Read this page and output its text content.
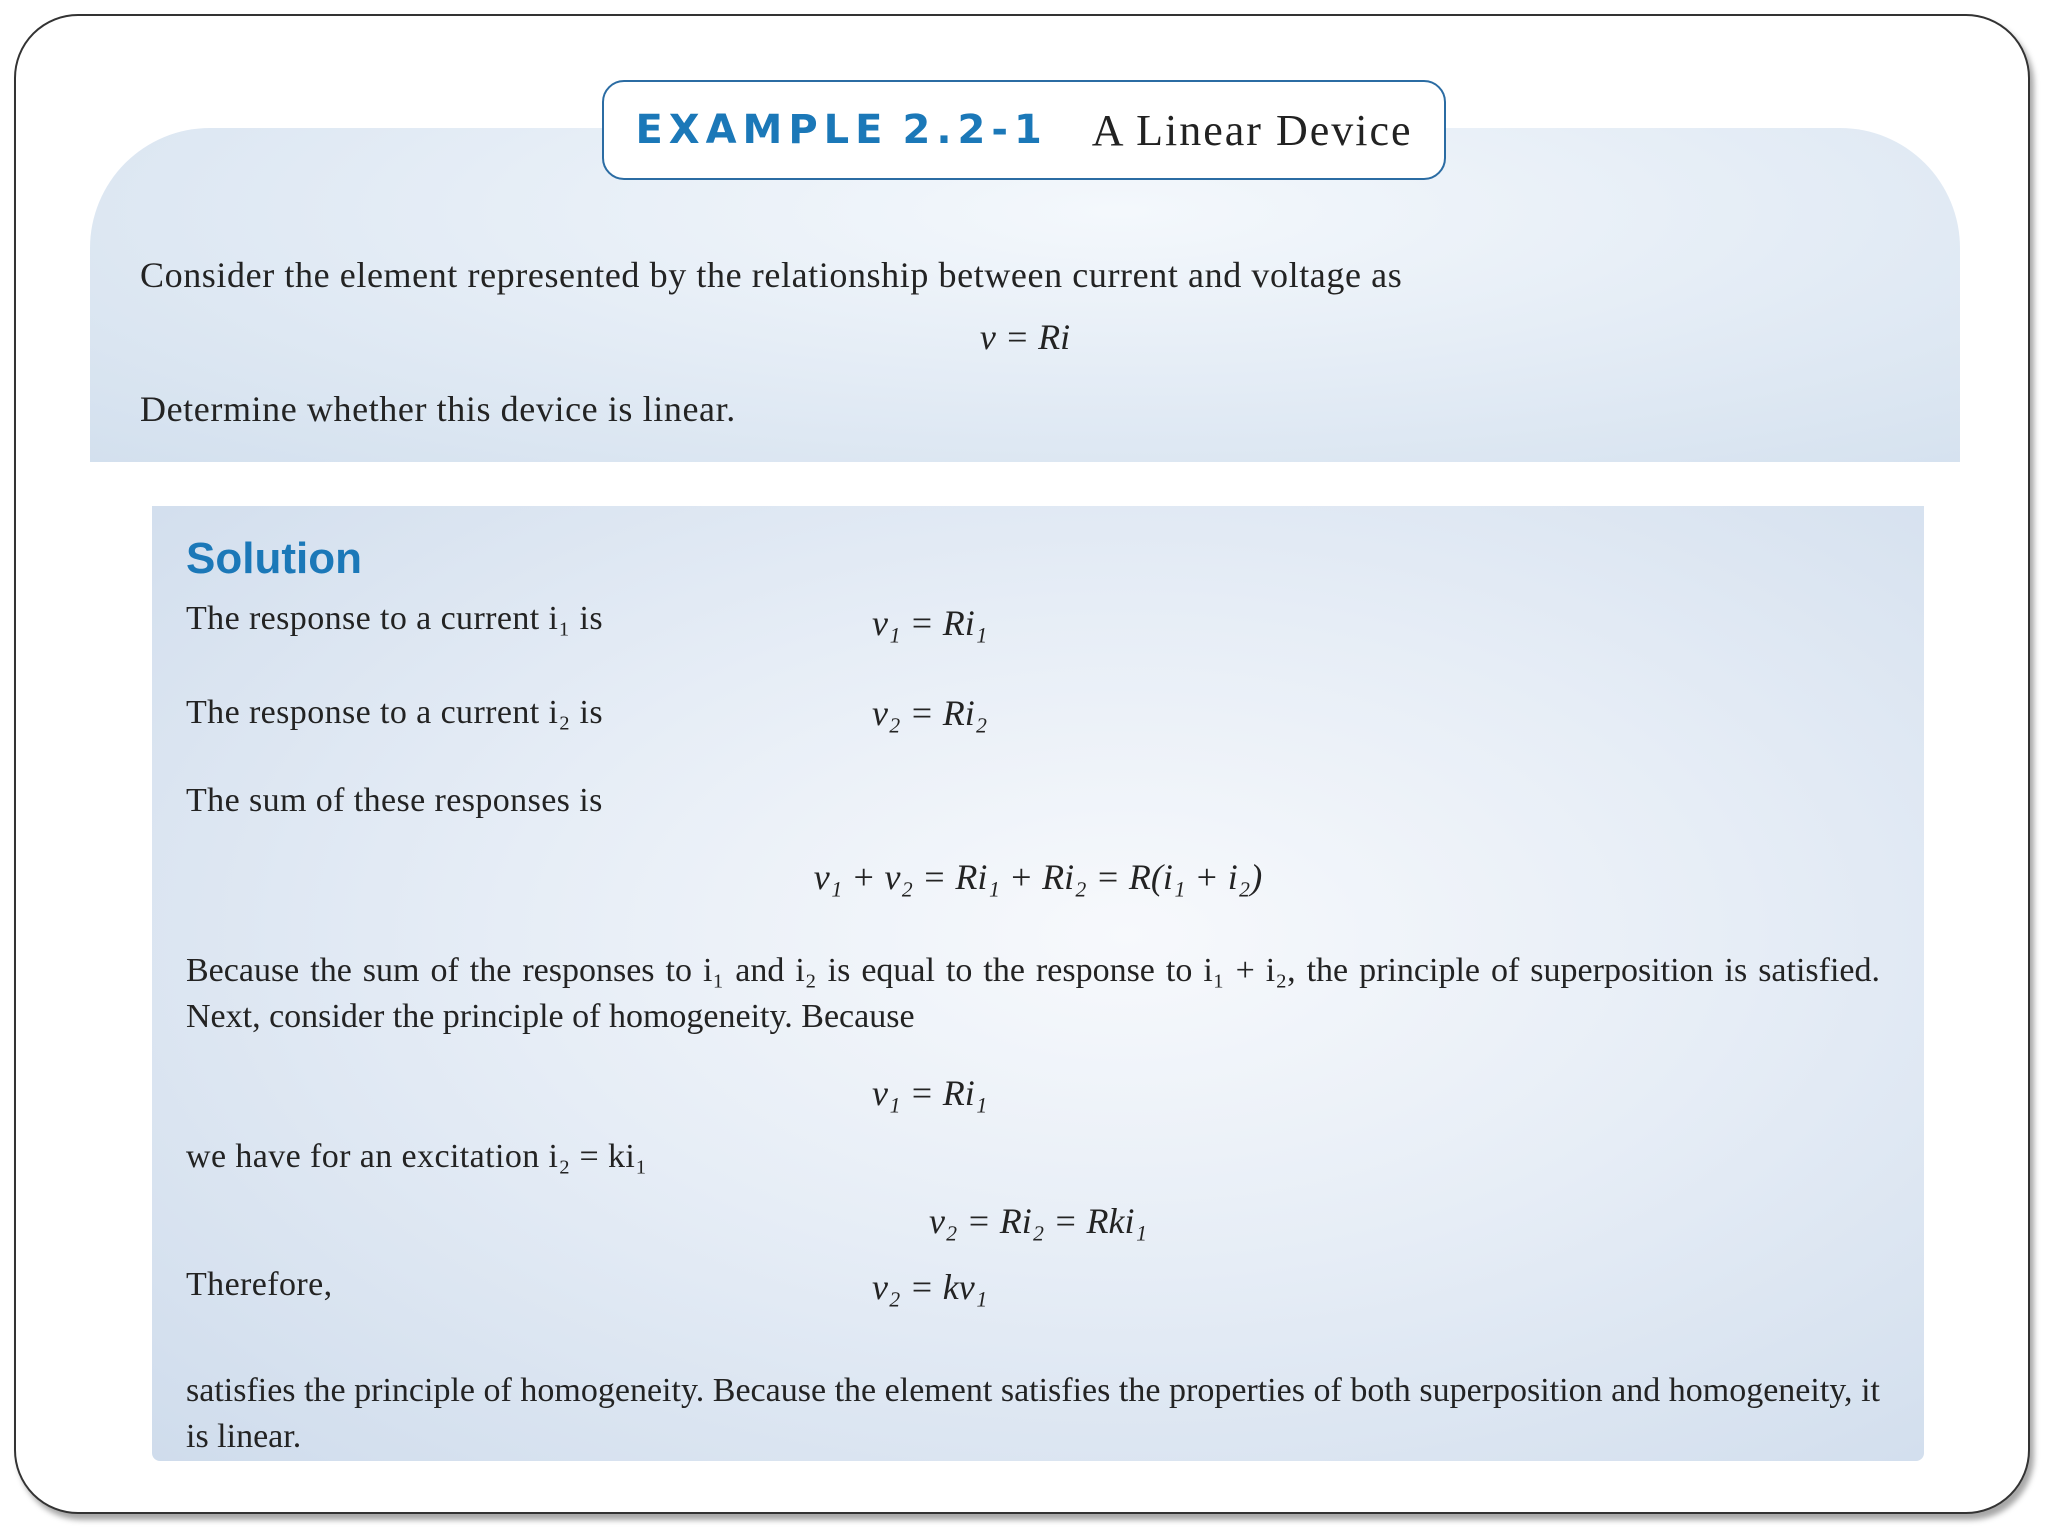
Consider the element represented by the relationship between current and voltage as
v = Ri
Determine whether this device is linear.
EXAMPLE 2.2-1 A Linear Device
Solution
The response to a current i₁ is	v₁ = Ri₁
The response to a current i₂ is	v₂ = Ri₂
The sum of these responses is
v₁ + v₂ = Ri₁ + Ri₂ = R(i₁ + i₂)
Because the sum of the responses to i₁ and i₂ is equal to the response to i₁ + i₂, the principle of superposition is satisfied. Next, consider the principle of homogeneity. Because
v₁ = Ri₁
we have for an excitation i₂ = ki₁
v₂ = Ri₂ = Rki₁
Therefore,	v₂ = kv₁
satisfies the principle of homogeneity. Because the element satisfies the properties of both superposition and homogeneity, it is linear.
